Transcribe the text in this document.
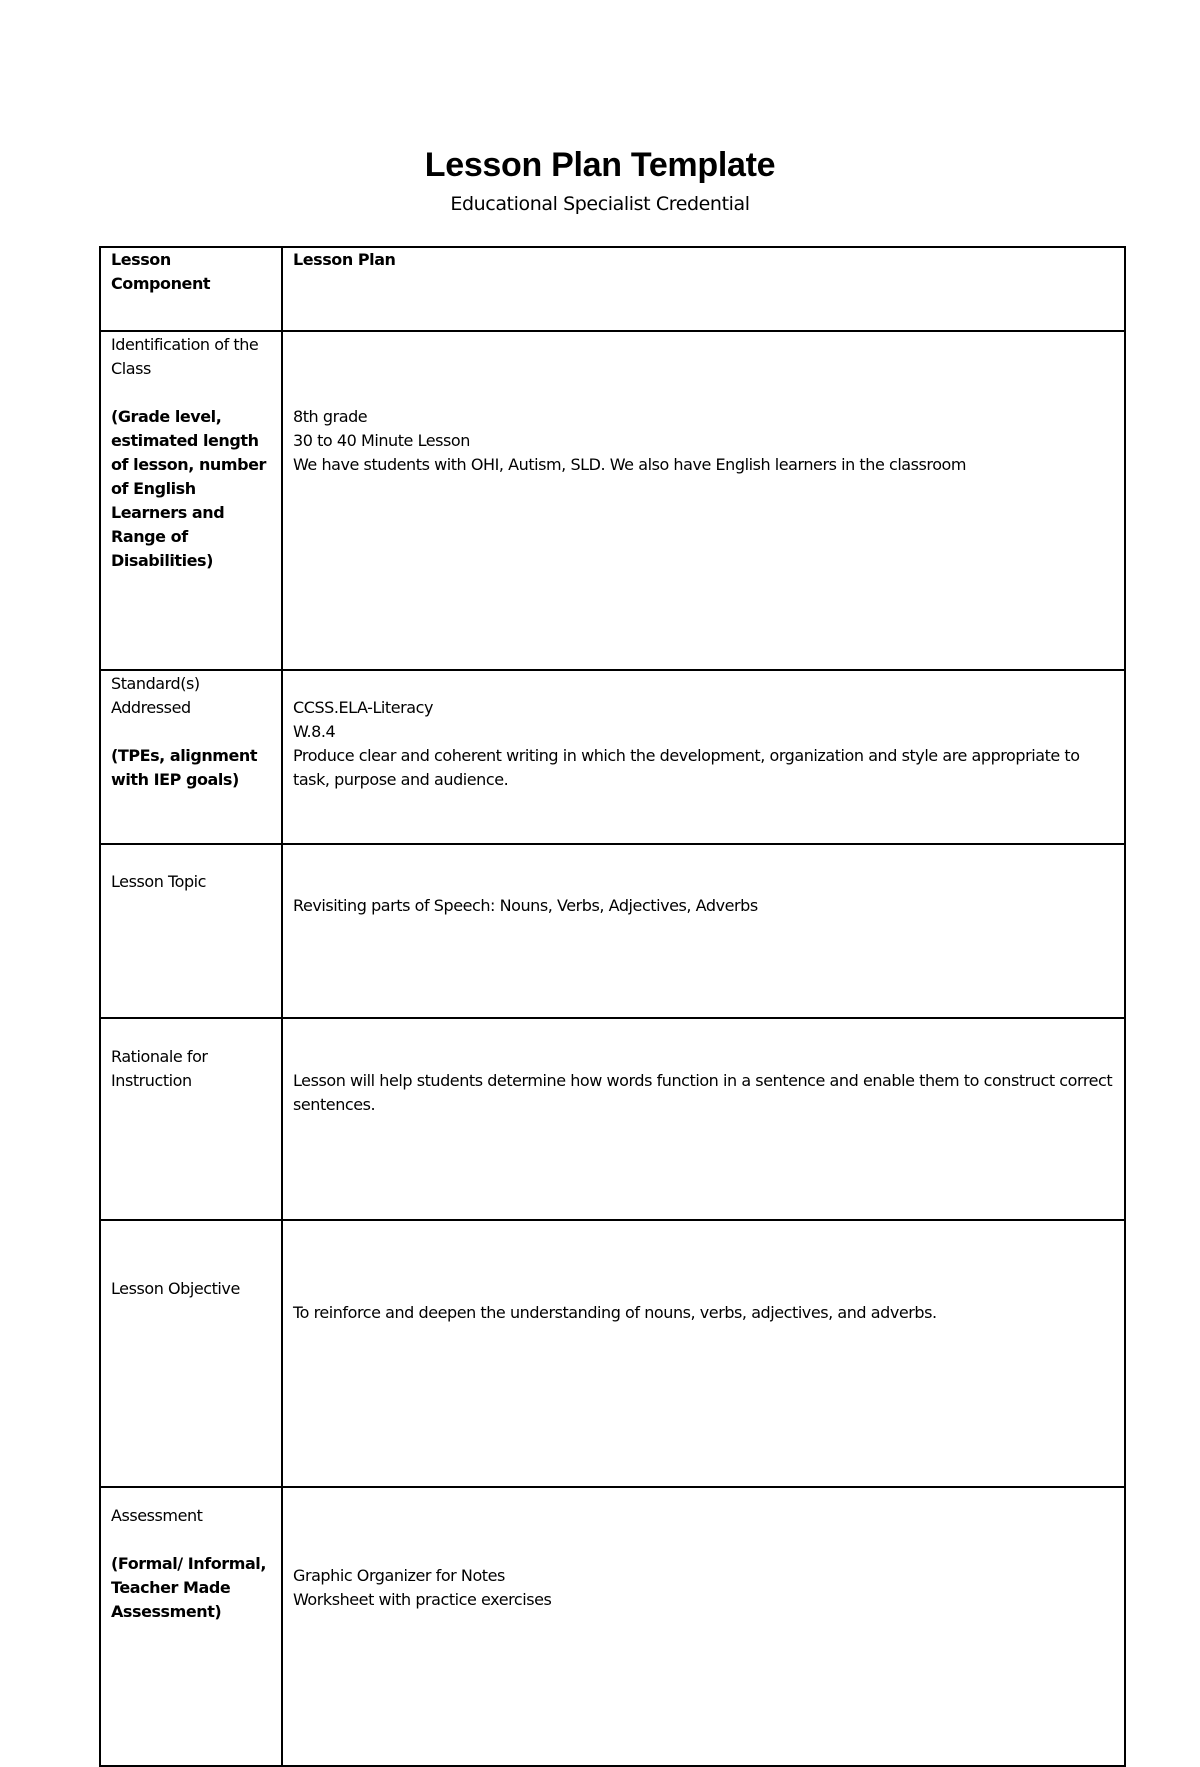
Lesson Plan Template
Educational Specialist Credential
Lesson Component	Lesson Plan

Identification of the Class
(Grade level, estimated length of lesson, number of English Learners and Range of Disabilities)	8th grade
30 to 40 Minute Lesson
We have students with OHI, Autism, SLD. We also have English learners in the classroom

Standard(s) Addressed
(TPEs, alignment with IEP goals)	CCSS.ELA-Literacy
W.8.4
Produce clear and coherent writing in which the development, organization and style are appropriate to task, purpose and audience.

Lesson Topic	Revisiting parts of Speech: Nouns, Verbs, Adjectives, Adverbs

Rationale for Instruction	Lesson will help students determine how words function in a sentence and enable them to construct correct sentences.

Lesson Objective	To reinforce and deepen the understanding of nouns, verbs, adjectives, and adverbs.

Assessment
(Formal/ Informal, Teacher Made Assessment)	Graphic Organizer for Notes
Worksheet with practice exercises
